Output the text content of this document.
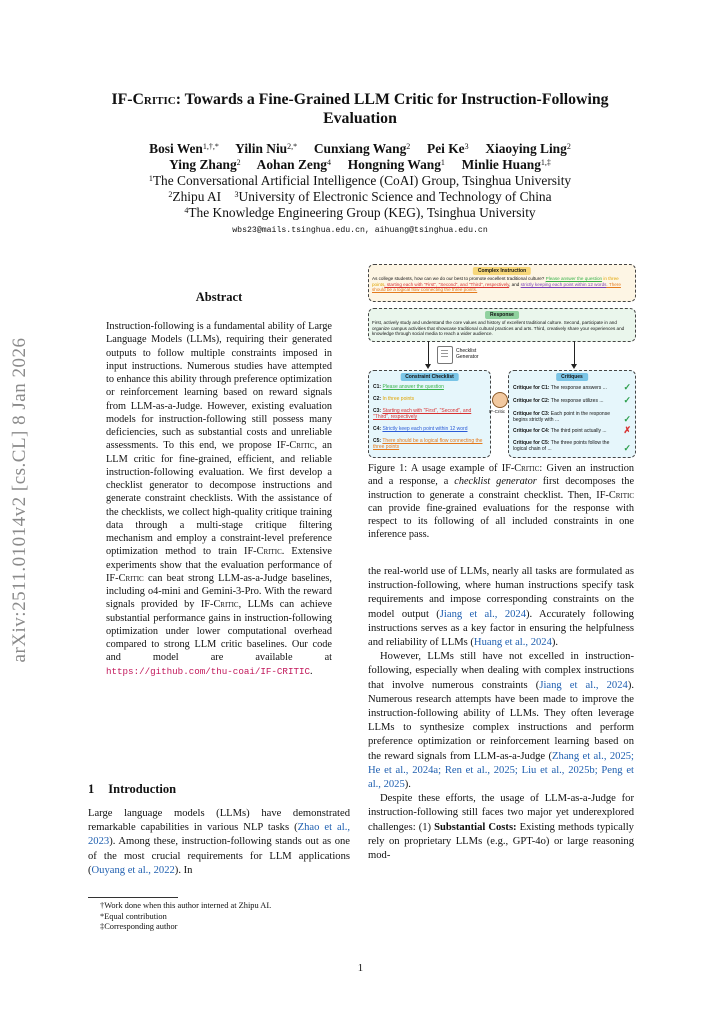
arXiv:2511.01014v2 [cs.CL] 8 Jan 2026
IF-Critic: Towards a Fine-Grained LLM Critic for Instruction-Following
Evaluation
Bosi Wen$^{1,\dagger,*}$ Yilin Niu$^{2,*}$ Cunxiang Wang$^2$ Pei Ke$^3$ Xiaoying Ling$^2$
Ying Zhang$^2$ Aohan Zeng$^4$ Hongning Wang$^1$ Minlie Huang$^{1,\ddagger}$
$^1$The Conversational Artificial Intelligence (CoAI) Group, Tsinghua University
$^2$Zhipu AI $^3$University of Electronic Science and Technology of China
$^4$The Knowledge Engineering Group (KEG), Tsinghua University
wbs23@mails.tsinghua.edu.cn, aihuang@tsinghua.edu.cn
Abstract
Instruction-following is a fundamental ability of Large Language Models (LLMs), requiring their generated outputs to follow multiple constraints imposed in input instructions. Numerous studies have attempted to enhance this ability through preference optimization or reinforcement learning based on reward signals from LLM-as-a-Judge. However, existing evaluation models for instruction-following still possess many deficiencies, such as substantial costs and unreliable assessments. To this end, we propose IF-Critic, an LLM critic for fine-grained, efficient, and reliable instruction-following evaluation. We first develop a checklist generator to decompose instructions and generate constraint checklists. With the assistance of the checklists, we collect high-quality critique training data through a multi-stage critique filtering mechanism and employ a constraint-level preference optimization method to train IF-Critic. Extensive experiments show that the evaluation performance of IF-Critic can beat strong LLM-as-a-Judge baselines, including o4-mini and Gemini-3-Pro. With the reward signals provided by IF-Critic, LLMs can achieve substantial performance gains in instruction-following optimization under lower computational overhead compared to strong LLM critic baselines. Our code and model are available at https://github.com/thu-coai/IF-CRITIC.
1 Introduction
Large language models (LLMs) have demonstrated remarkable capabilities in various NLP tasks (Zhao et al., 2023). Among these, instruction-following stands out as one of the most crucial requirements for LLM applications (Ouyang et al., 2022). In
†Work done when this author interned at Zhipu AI.
*Equal contribution
‡Corresponding author
Complex Instruction
As college students, how can we do our best to promote excellent traditional culture? Please answer the question in three points, starting each with "First", "Second", and "Third", respectively, and strictly keeping each point within 12 words. There should be a logical flow connecting the three points.
Response
First, actively study and understand the core values and history of excellent traditional culture. Second, participate in and organize campus activities that showcase traditional cultural practices and arts. Third, creatively share your experiences and knowledge through social media to reach a wider audience.
Checklist
Generator
Constraint Checklist
C1: Please answer the question
C2: In three points
C3: Starting each with "First", "Second", and "Third", respectively
C4: Strictly keep each point within 12 word
C5: There should be a logical flow connecting the three points
IF-Critic
Critiques
Critique for C1: The response answers ...	✓
Critique for C2: The response utilizes ...	✓
Critique for C3: Each point in the response begins strictly with ...	✓
Critique for C4: The third point actually ...	✗
Critique for C5: The three points follow the logical chain of ...	✓
Figure 1: A usage example of IF-Critic: Given an instruction and a response, a checklist generator first decomposes the instruction to generate a constraint checklist. Then, IF-Critic can provide fine-grained evaluations for the response with respect to its following of all included constraints in one inference pass.

the real-world use of LLMs, nearly all tasks are formulated as instruction-following, where human instructions specify task requirements and impose corresponding constraints on the model output (Jiang et al., 2024). Accurately following instructions serves as a key factor in ensuring the helpfulness and reliability of LLMs (Huang et al., 2024).

However, LLMs still have not excelled in instruction-following, especially when dealing with complex instructions that involve numerous constraints (Jiang et al., 2024). Numerous research attempts have been made to improve the instruction-following ability of LLMs. They often leverage LLMs to synthesize complex instructions and perform preference optimization or reinforcement learning based on the reward signals from LLM-as-a-Judge (Zhang et al., 2025; He et al., 2024a; Ren et al., 2025; Liu et al., 2025b; Peng et al., 2025).

Despite these efforts, the usage of LLM-as-a-Judge for instruction-following still faces two major yet underexplored challenges: (1) Substantial Costs: Existing methods typically rely on proprietary LLMs (e.g., GPT-4o) or large reasoning mod-

1
